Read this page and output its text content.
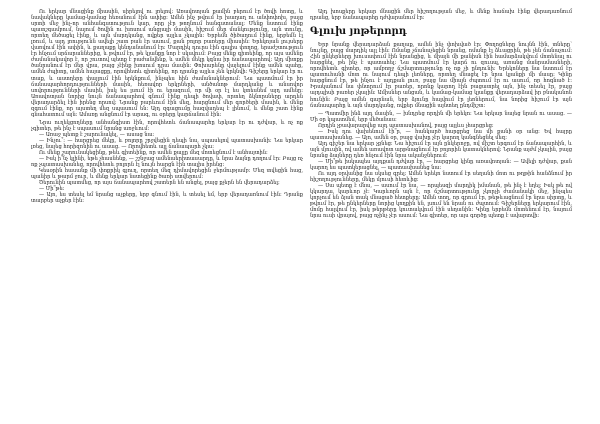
Ու երկար մնացինք միասին, սիրելով ու լռելով։ Առավոտյան քամին բերում էր ծովի հոտը, և նավակները կամաց-կամաց հեռանում էին ափից։ Ամեն ինչ թվում էր խաղաղ ու անփոփոխ, բայց սրտի մեջ ինչ-որ անհանգստություն կար, որը չէր թողնում հանգստանալ։ Մենք նստում էինք պատշգամբում, նայում ծովին ու խոսում անցյալի մասին, հիշում մեր մանկությունը, այն տունը, որտեղ մեծացել էինք, և այն մարդկանց, ովքեր այլևս չկային։ Երբեմն ծիծաղում էինք, երբեմն էլ լռում, և այդ լռությունն ավելի շատ բան էր ասում, քան բոլոր բառերը միասին։ Երեկոյան լույսերը վառվում էին ափին, և քաղաքը կենդանանում էր։ Մարդիկ դուրս էին գալիս փողոց, երաժշտություն էր հնչում սրճարաններից, և թվում էր, թե կյանքը նոր է սկսվում։ Բայց մենք գիտեինք, որ այս ամենը ժամանակավոր է, որ շուտով պետք է բաժանվենք, և ամեն մեկը կգնա իր ճանապարհով։ Այդ միտքը ծանրանում էր մեր վրա, բայց չէինք խոսում դրա մասին։ Փոխարենը վայելում էինք ամեն պահը, ամեն ժպիտը, ամեն հայացքը, որովհետև գիտեինք, որ դրանք այլևս չեն կրկնվի։ Գիշերը երկար էր ու տաք, և աստղերը փայլում էին երկնքում, ինչպես հին ժամանակներում։ Նա պատմում էր իր ճանապարհորդությունների մասին, հեռավոր երկրների, անծանոթ մարդկանց և անսովոր սովորությունների մասին, իսկ ես լսում էի ու երազում, որ մի օր էլ ես կտեսնեմ այդ ամենը։ Առավոտյան նորից նույն ճանապարհով գնում էինք դեպի ծովափ, որտեղ ձկնորսները արդեն վերադարձել էին իրենց որսով։ Նրանք բարևում էին մեզ, հարցնում մեր գործերի մասին, և մենք զգում էինք, որ այստեղ մեզ սպասում են։ Այդ զգացումը հազվադեպ է լինում, և մենք շատ էինք գնահատում այն։ Ամառը անցնում էր արագ, ու օրերը կարճանում էին։

Նրա ուղեկցողները անհանգիստ էին, որովհետև ճանապարհը երկար էր ու դժվար, և ոչ ոք չգիտեր, թե ինչ է սպասում նրանց առջևում։

— Առաջ պետք է շարունակել, — ասաց նա։

— Ինչու՞։ — հարցրեց մեկը, և բոլորը շրջվեցին դեպի նա, սպասելով պատասխանի։ Նա երկար լռեց, նայեց հորիզոնին ու ասաց. — Որովհետև այլ ճանապարհ չկա։

Ու մենք շարունակեցինք, թեև գիտեինք, որ ամեն քայլը մեզ մոտեցնում է անհայտին։

— Իսկ ի՞նչ կլինի, եթե չհասնենք, — շշնջաց ամենաերիտասարդը, և նրա ձայնը դողում էր։ Բայց ոչ ոք չպատասխանեց, որովհետև բոլորն էլ նույն հարցն էին տալիս իրենց։

Կեսօրին հասանք մի փոքրիկ գյուղ, որտեղ մեզ դիմավորեցին ջերմությամբ։ Մեզ տվեցին հաց, պանիր և թարմ ջուր, և մենք երկար նստեցինք ծառի ստվերում։

Ծերունին պատմեց, որ այս ճանապարհով շատերն են անցել, բայց քչերն են վերադարձել։

— Մի՞թե։

— Այո, ես տեսել եմ նրանց աչքերը, երբ գնում էին, և տեսել եմ, երբ վերադառնում էին։ Դրանք տարբեր աչքեր էին։

Այդ խոսքերը երկար մնացին մեր հիշողության մեջ, և մենք հաճախ էինք վերադառնում դրանց, երբ ճանապարհը դժվարանում էր։

Գլուխ յոթերորդ

Երբ նրանք վերադարձան քաղաք, ամեն ինչ փոխված էր։ Փողոցները նույնն էին, տները՝ նույնը, բայց մարդիկ այլ էին։ Ոմանք չճանաչեցին նրանց, ոմանք էլ ձևացրին, թե չեն ճանաչում։ Հին ընկերները խուսափում էին նրանցից, և միայն մի քանիսն էին համարձակվում մոտենալ ու հարցնել, թե ինչ է պատահել։ Նա պատմում էր կարճ ու զուսպ, առանց մանրամասների, որովհետև գիտեր, որ ամբողջ ճշմարտությունը ոչ ոք չի ընդունի։ Երեկոները նա նստում էր պատուհանի մոտ ու նայում դեպի լեռները, որտեղ մնացել էր նրա կյանքի մի մասը։ Կինը հարցնում էր, թե ինչու է այդքան լուռ, բայց նա միայն ժպտում էր ու ասում, որ հոգնած է։ Իրականում նա փնտրում էր բառեր, որոնք կարող էին բացատրել այն, ինչ տեսել էր, բայց այդպիսի բառեր չկային։ Ամիսներ անցան, և կամաց-կամաց կյանքը վերադարձավ իր բնականոն հունին։ Բայց ամեն գարնան, երբ ձյունը հալվում էր լեռներում, նա նորից հիշում էր այն ճանապարհը և այն մարդկանց, ովքեր մնացին այնտեղ ընդմիշտ։

— Պատմիր ինձ այդ մասին, — խնդրեց որդին մի երեկո։ Նա երկար նայեց նրան ու ասաց. — Մի օր կպատմեմ, երբ մեծանաս։

Որդին չբավարարվեց այդ պատասխանով, բայց այլևս չհարցրեց։

— Իսկ դու վախենում էի՞ր, — հանկարծ հարցրեց նա մի քանի օր անց։ Եվ հայրը պատասխանեց. — Այո, ամեն օր, բայց վախը չէր կարող կանգնեցնել մեզ։

Այդ գիշեր նա երկար չքնեց։ Նա հիշում էր այն ընկերոջը, ով միշտ երգում էր ճանապարհին, և այն մյուսին, ով ամեն առավոտ արթնացնում էր բոլորին կատակներով։ Նրանք այժմ չկային, բայց նրանց ձայները դեռ հնչում էին նրա ականջներում։

— Մի՞թե իսկապես այդքան դժվար էր, — հարցրեց կինը առավոտյան։ — Ավելի դժվար, քան կարող ես պատկերացնել, — պատասխանեց նա։

Ու այդ օրվանից նա սկսեց գրել։ Ամեն երեկո նստում էր սեղանի մոտ ու թղթին հանձնում իր հիշողությունները, մեկը մյուսի հետևից։

— Սա պետք է մնա, — ասում էր նա, — որպեսզի մարդիկ իմանան, թե ինչ է եղել։ Իսկ թե ով կկարդա, կարևոր չէ։ Կարևորն այն է, որ ճշմարտությունը չկորչի ժամանակի մեջ, ինչպես կորչում են ձյան տակ մնացած հետքերը։ Ամեն տող, որ գրում էր, թեթևացնում էր նրա սիրտը, և թվում էր, թե ընկերները նորից կողքին են, լսում են նրան ու ժպտում։ Գիշերները երկարում էին, մոմը հալվում էր, իսկ թերթերը կուտակվում էին սեղանին։ Կինը երբեմն մոտենում էր, նայում նրա ուսի վրայով, բայց ոչինչ չէր ասում։ Նա գիտեր, որ այս գործը պետք է ավարտվի։
